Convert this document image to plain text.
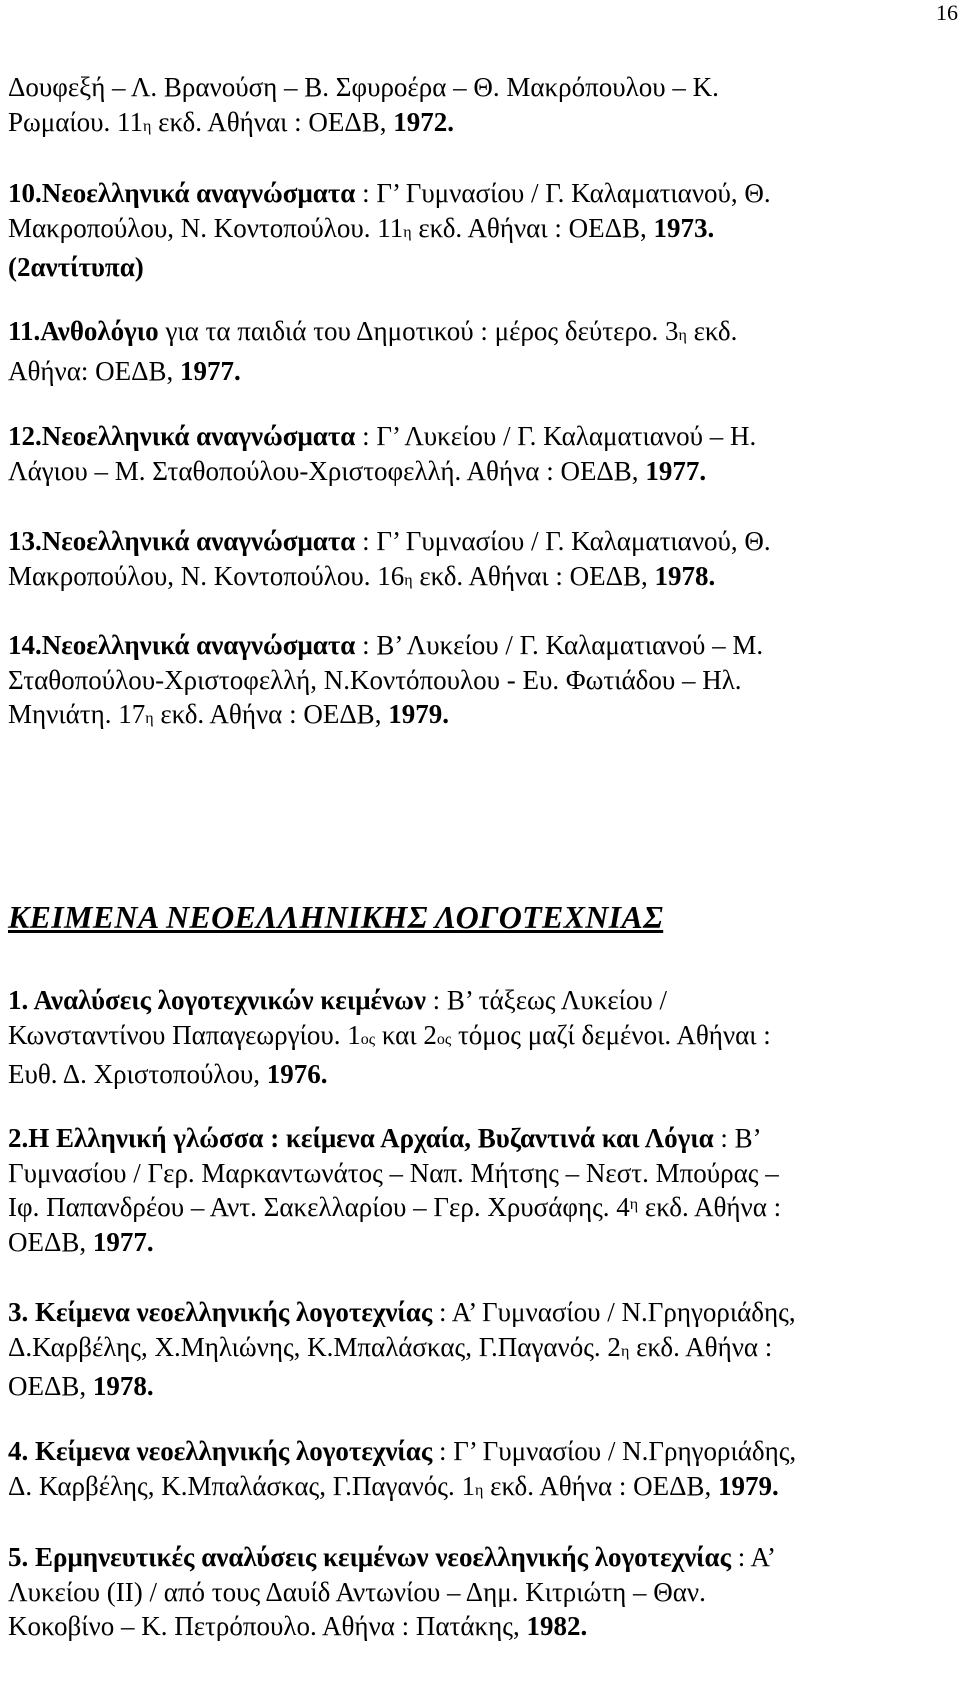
16

Δουφεξή – Λ. Βρανούση – Β. Σφυροέρα – Θ. Μακρόπουλου – Κ.

Ρωμαίου. 11η εκδ. Αθήναι : ΟΕΔΒ, 1972.

10.Νεοελληνικά αναγνώσματα : Γ’ Γυμνασίου / Γ. Καλαματιανού, Θ.

Μακροπούλου, Ν. Κοντοπούλου. 11η εκδ. Αθήναι : ΟΕΔΒ, 1973.

(2αντίτυπα)

11.Ανθολόγιο για τα παιδιά του Δημοτικού : μέρος δεύτερο. 3η εκδ.

Αθήνα: ΟΕΔΒ, 1977.

12.Νεοελληνικά αναγνώσματα : Γ’ Λυκείου / Γ. Καλαματιανού – Η.

Λάγιου – Μ. Σταθοπούλου-Χριστοφελλή. Αθήνα : ΟΕΔΒ, 1977.

13.Νεοελληνικά αναγνώσματα : Γ’ Γυμνασίου / Γ. Καλαματιανού, Θ.

Μακροπούλου, Ν. Κοντοπούλου. 16η εκδ. Αθήναι : ΟΕΔΒ, 1978.

14.Νεοελληνικά αναγνώσματα : Β’ Λυκείου / Γ. Καλαματιανού – Μ.

Σταθοπούλου-Χριστοφελλή, Ν.Κοντόπουλου - Ευ. Φωτιάδου – Ηλ.

Μηνιάτη. 17η εκδ. Αθήνα : ΟΕΔΒ, 1979.

ΚΕΙΜΕΝΑ ΝΕΟΕΛΛΗΝΙΚΗΣ ΛΟΓΟΤΕΧΝΙΑΣ

1. Αναλύσεις λογοτεχνικών κειμένων : Β’ τάξεως Λυκείου /

Κωνσταντίνου Παπαγεωργίου. 1ος και 2ος τόμος μαζί δεμένοι. Αθήναι :

Ευθ. Δ. Χριστοπούλου, 1976.

2.Η Ελληνική γλώσσα : κείμενα Αρχαία, Βυζαντινά και Λόγια : Β’

Γυμνασίου / Γερ. Μαρκαντωνάτος – Ναπ. Μήτσης – Νεστ. Μπούρας –

Ιφ. Παπανδρέου – Αντ. Σακελλαρίου – Γερ. Χρυσάφης. $4^\eta$ εκδ. Αθήνα :

ΟΕΔΒ, 1977.

3. Κείμενα νεοελληνικής λογοτεχνίας : Α’ Γυμνασίου / Ν.Γρηγοριάδης,

Δ.Καρβέλης, Χ.Μηλιώνης, Κ.Μπαλάσκας, Γ.Παγανός. 2η εκδ. Αθήνα :

ΟΕΔΒ, 1978.

4. Κείμενα νεοελληνικής λογοτεχνίας : Γ’ Γυμνασίου / Ν.Γρηγοριάδης,

Δ. Καρβέλης, Κ.Μπαλάσκας, Γ.Παγανός. 1η εκδ. Αθήνα : ΟΕΔΒ, 1979.

5. Ερμηνευτικές αναλύσεις κειμένων νεοελληνικής λογοτεχνίας : Α’

Λυκείου (ΙΙ) / από τους Δαυίδ Αντωνίου – Δημ. Κιτριώτη – Θαν.

Κοκοβίνο – Κ. Πετρόπουλο. Αθήνα : Πατάκης, 1982.
